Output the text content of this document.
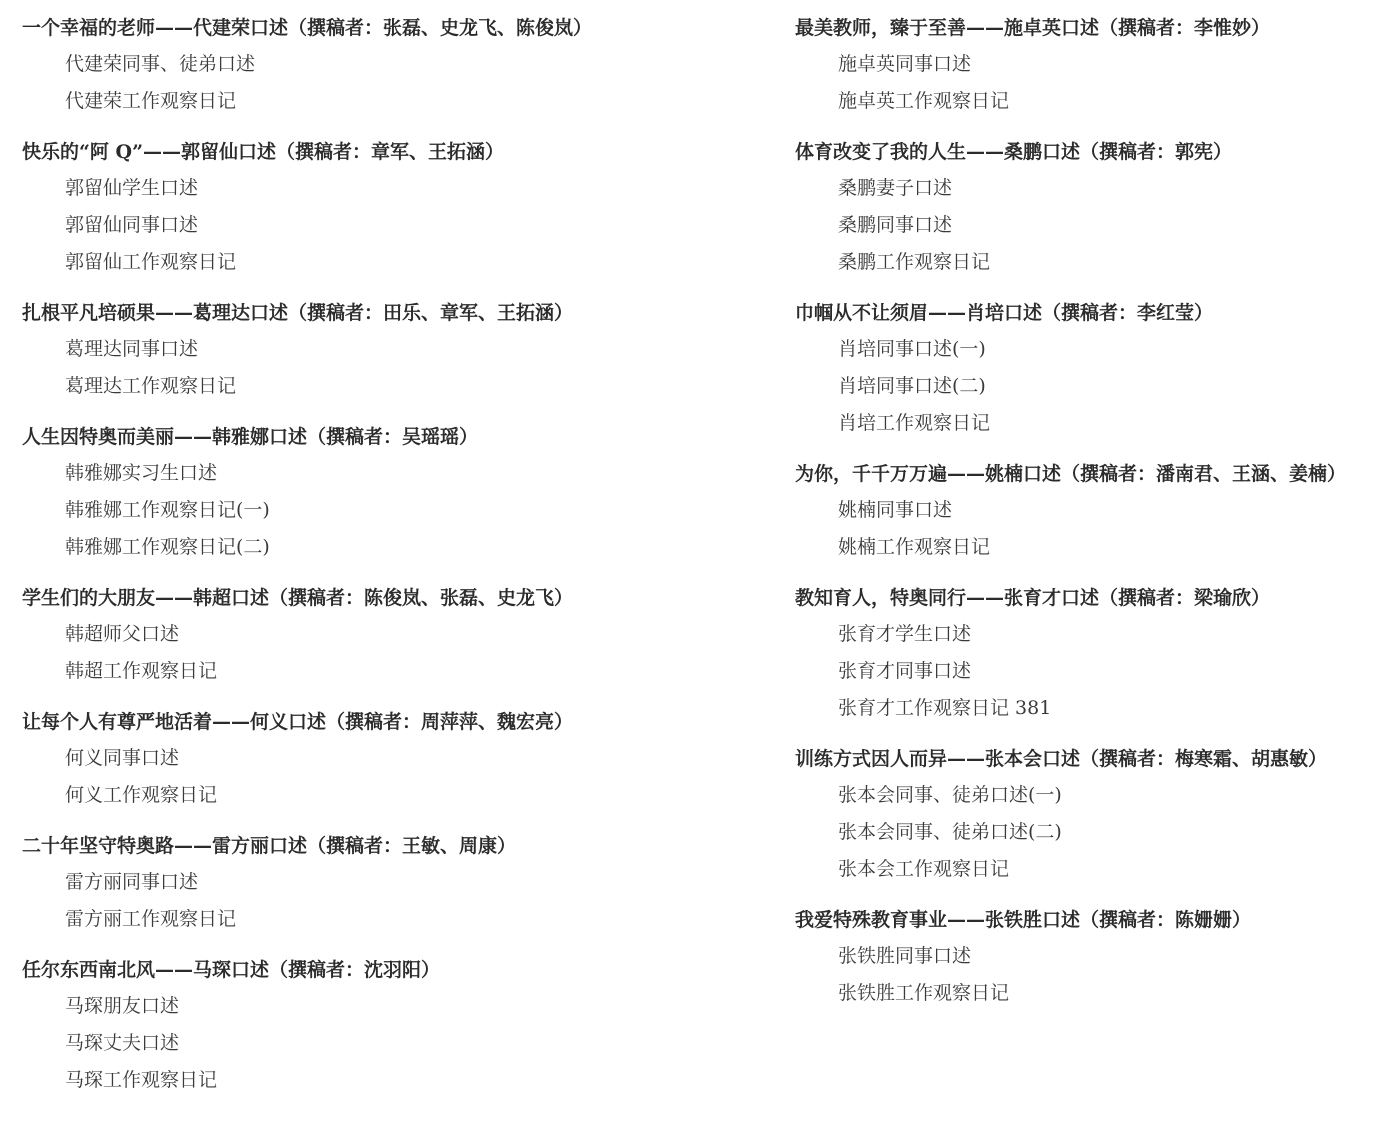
一个幸福的老师——代建荣口述（撰稿者：张磊、史龙飞、陈俊岚）
代建荣同事、徒弟口述
代建荣工作观察日记
快乐的“阿 Q”——郭留仙口述（撰稿者：章军、王拓涵）
郭留仙学生口述
郭留仙同事口述
郭留仙工作观察日记
扎根平凡培硕果——葛理达口述（撰稿者：田乐、章军、王拓涵）
葛理达同事口述
葛理达工作观察日记
人生因特奥而美丽——韩雅娜口述（撰稿者：吴瑶瑶）
韩雅娜实习生口述
韩雅娜工作观察日记(一)
韩雅娜工作观察日记(二)
学生们的大朋友——韩超口述（撰稿者：陈俊岚、张磊、史龙飞）
韩超师父口述
韩超工作观察日记
让每个人有尊严地活着——何义口述（撰稿者：周萍萍、魏宏亮）
何义同事口述
何义工作观察日记
二十年坚守特奥路——雷方丽口述（撰稿者：王敏、周康）
雷方丽同事口述
雷方丽工作观察日记
任尔东西南北风——马琛口述（撰稿者：沈羽阳）
马琛朋友口述
马琛丈夫口述
马琛工作观察日记
最美教师，臻于至善——施卓英口述（撰稿者：李惟妙）
施卓英同事口述
施卓英工作观察日记
体育改变了我的人生——桑鹏口述（撰稿者：郭宪）
桑鹏妻子口述
桑鹏同事口述
桑鹏工作观察日记
巾帼从不让须眉——肖培口述（撰稿者：李红莹）
肖培同事口述(一)
肖培同事口述(二)
肖培工作观察日记
为你，千千万万遍——姚楠口述（撰稿者：潘南君、王涵、姜楠）
姚楠同事口述
姚楠工作观察日记
教知育人，特奥同行——张育才口述（撰稿者：梁瑜欣）
张育才学生口述
张育才同事口述
张育才工作观察日记 381
训练方式因人而异——张本会口述（撰稿者：梅寒霜、胡惠敏）
张本会同事、徒弟口述(一)
张本会同事、徒弟口述(二)
张本会工作观察日记
我爱特殊教育事业——张铁胜口述（撰稿者：陈姗姗）
张铁胜同事口述
张铁胜工作观察日记
